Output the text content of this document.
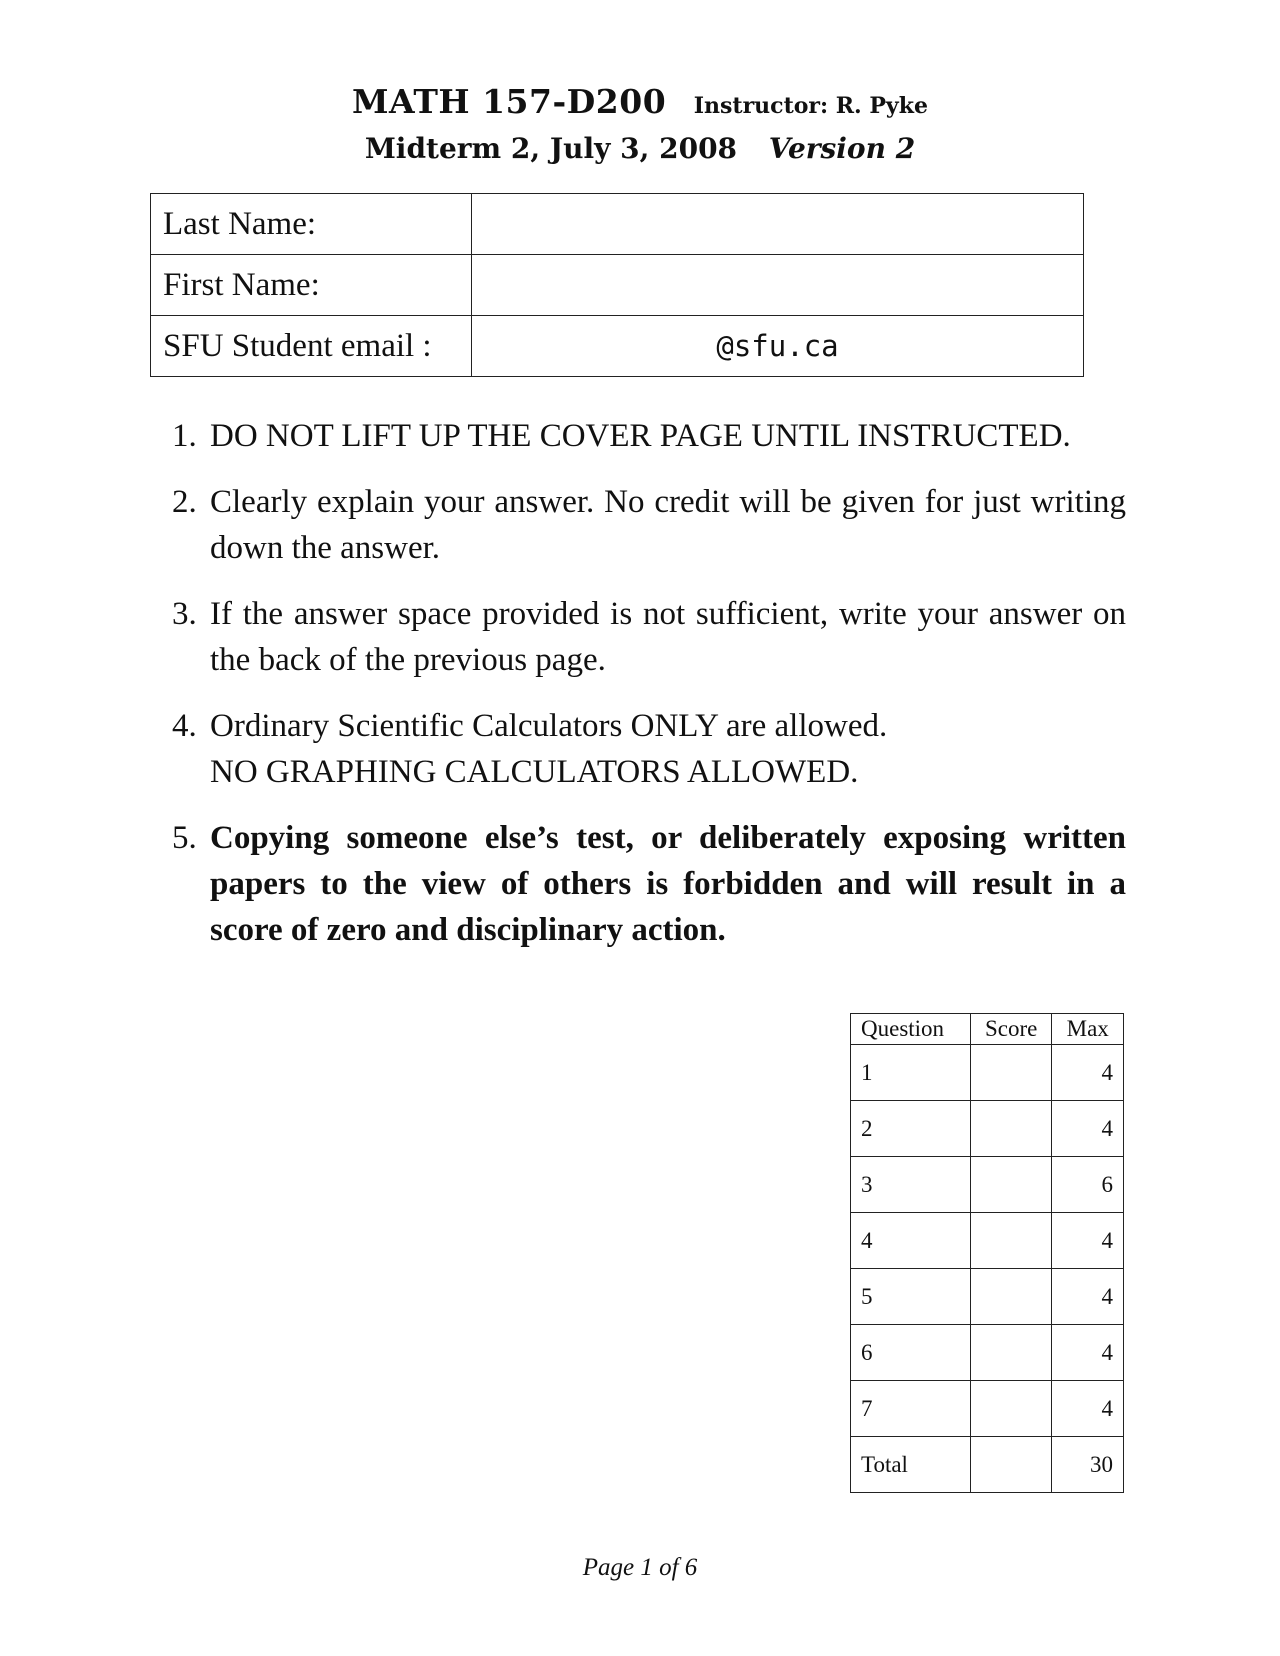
MATH 157-D200 Instructor: R. Pyke
Midterm 2, July 3, 2008 Version 2
Last Name:	
First Name:	
SFU Student email :	@sfu.ca
1. DO NOT LIFT UP THE COVER PAGE UNTIL INSTRUCTED.
2. Clearly explain your answer. No credit will be given for just writing down the answer.
3. If the answer space provided is not sufficient, write your answer on the back of the previous page.
4. Ordinary Scientific Calculators ONLY are allowed.
NO GRAPHING CALCULATORS ALLOWED.
5. Copying someone else’s test, or deliberately exposing written papers to the view of others is forbidden and will result in a score of zero and disciplinary action.
Question	Score	Max
1		4
2		4
3		6
4		4
5		4
6		4
7		4
Total		30
Page 1 of 6
